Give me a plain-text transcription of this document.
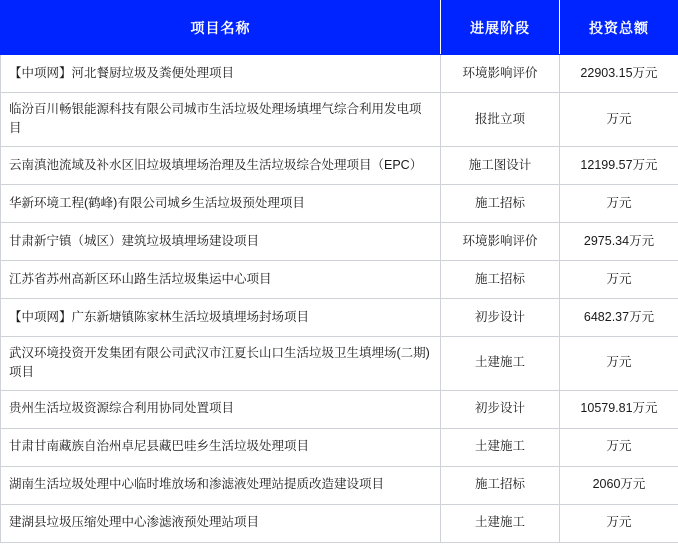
项目名称	进展阶段	投资总额
【中项网】河北餐厨垃圾及粪便处理项目	环境影响评价	22903.15万元
临汾百川畅银能源科技有限公司城市生活垃圾处理场填埋气综合利用发电项目	报批立项	万元
云南滇池流域及补水区旧垃圾填埋场治理及生活垃圾综合处理项目（EPC）	施工图设计	12199.57万元
华新环境工程(鹤峰)有限公司城乡生活垃圾预处理项目	施工招标	万元
甘肃新宁镇（城区）建筑垃圾填埋场建设项目	环境影响评价	2975.34万元
江苏省苏州高新区环山路生活垃圾集运中心项目	施工招标	万元
【中项网】广东新塘镇陈家林生活垃圾填埋场封场项目	初步设计	6482.37万元
武汉环境投资开发集团有限公司武汉市江夏长山口生活垃圾卫生填埋场(二期)项目	土建施工	万元
贵州生活垃圾资源综合利用协同处置项目	初步设计	10579.81万元
甘肃甘南藏族自治州卓尼县藏巴哇乡生活垃圾处理项目	土建施工	万元
湖南生活垃圾处理中心临时堆放场和渗滤液处理站提质改造建设项目	施工招标	2060万元
建湖县垃圾压缩处理中心渗滤液预处理站项目	土建施工	万元
